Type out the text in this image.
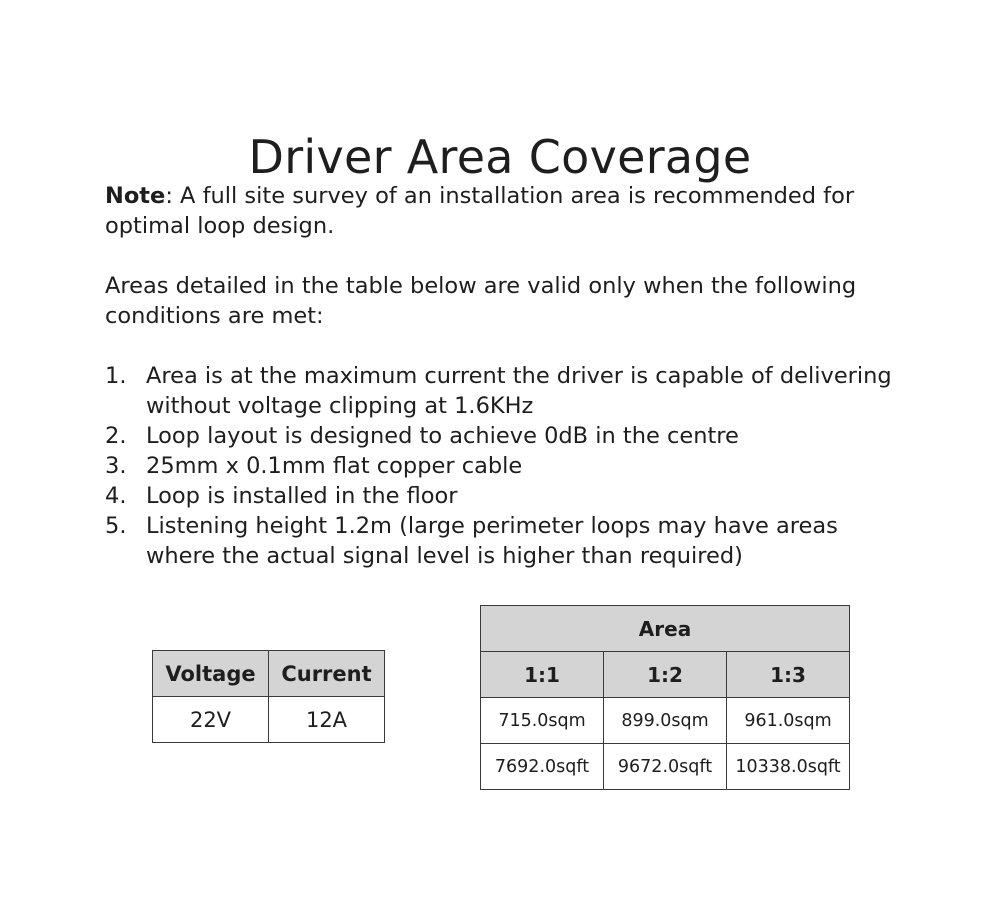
Driver Area Coverage

Note: A full site survey of an installation area is recommended for optimal loop design.

Areas detailed in the table below are valid only when the following conditions are met:

1. Area is at the maximum current the driver is capable of delivering without voltage clipping at 1.6KHz
2. Loop layout is designed to achieve 0dB in the centre
3. 25mm x 0.1mm flat copper cable
4. Loop is installed in the floor
5. Listening height 1.2m (large perimeter loops may have areas where the actual signal level is higher than required)
Voltage	Current
22V	12A
Area		
1:1	1:2	1:3
715.0sqm	899.0sqm	961.0sqm
7692.0sqft	9672.0sqft	10338.0sqft
